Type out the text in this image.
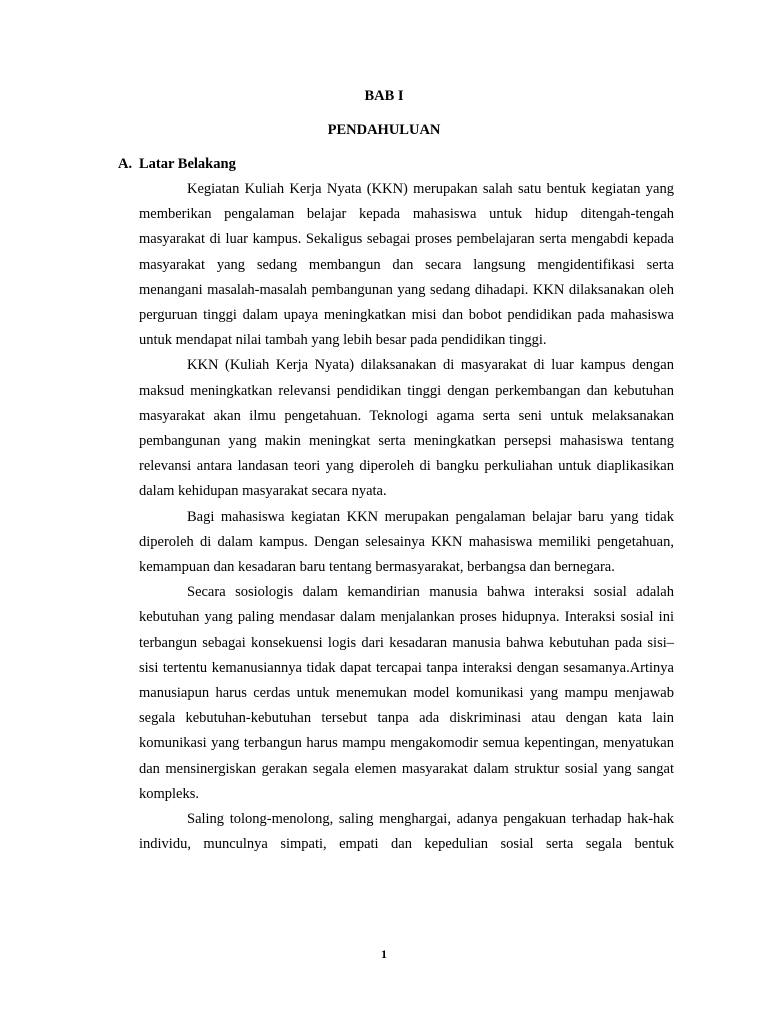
BAB I
PENDAHULUAN
A. Latar Belakang

Kegiatan Kuliah Kerja Nyata (KKN) merupakan salah satu bentuk kegiatan yang memberikan pengalaman belajar kepada mahasiswa untuk hidup ditengah-tengah masyarakat di luar kampus. Sekaligus sebagai proses pembelajaran serta mengabdi kepada masyarakat yang sedang membangun dan secara langsung mengidentifikasi serta menangani masalah-masalah pembangunan yang sedang dihadapi. KKN dilaksanakan oleh perguruan tinggi dalam upaya meningkatkan misi dan bobot pendidikan pada mahasiswa untuk mendapat nilai tambah yang lebih besar pada pendidikan tinggi.

KKN (Kuliah Kerja Nyata) dilaksanakan di masyarakat di luar kampus dengan maksud meningkatkan relevansi pendidikan tinggi dengan perkembangan dan kebutuhan masyarakat akan ilmu pengetahuan. Teknologi agama serta seni untuk melaksanakan pembangunan yang makin meningkat serta meningkatkan persepsi mahasiswa tentang relevansi antara landasan teori yang diperoleh di bangku perkuliahan untuk diaplikasikan dalam kehidupan masyarakat secara nyata.

Bagi mahasiswa kegiatan KKN merupakan pengalaman belajar baru yang tidak diperoleh di dalam kampus. Dengan selesainya KKN mahasiswa memiliki pengetahuan, kemampuan dan kesadaran baru tentang bermasyarakat, berbangsa dan bernegara.

Secara sosiologis dalam kemandirian manusia bahwa interaksi sosial adalah kebutuhan yang paling mendasar dalam menjalankan proses hidupnya. Interaksi sosial ini terbangun sebagai konsekuensi logis dari kesadaran manusia bahwa kebutuhan pada sisi–sisi tertentu kemanusiannya tidak dapat tercapai tanpa interaksi dengan sesamanya.Artinya manusiapun harus cerdas untuk menemukan model komunikasi yang mampu menjawab segala kebutuhan-kebutuhan tersebut tanpa ada diskriminasi atau dengan kata lain komunikasi yang terbangun harus mampu mengakomodir semua kepentingan, menyatukan dan mensinergiskan gerakan segala elemen masyarakat dalam struktur sosial yang sangat kompleks.

Saling tolong-menolong, saling menghargai, adanya pengakuan terhadap hak-hak individu, munculnya simpati, empati dan kepedulian sosial serta segala bentuk

1
